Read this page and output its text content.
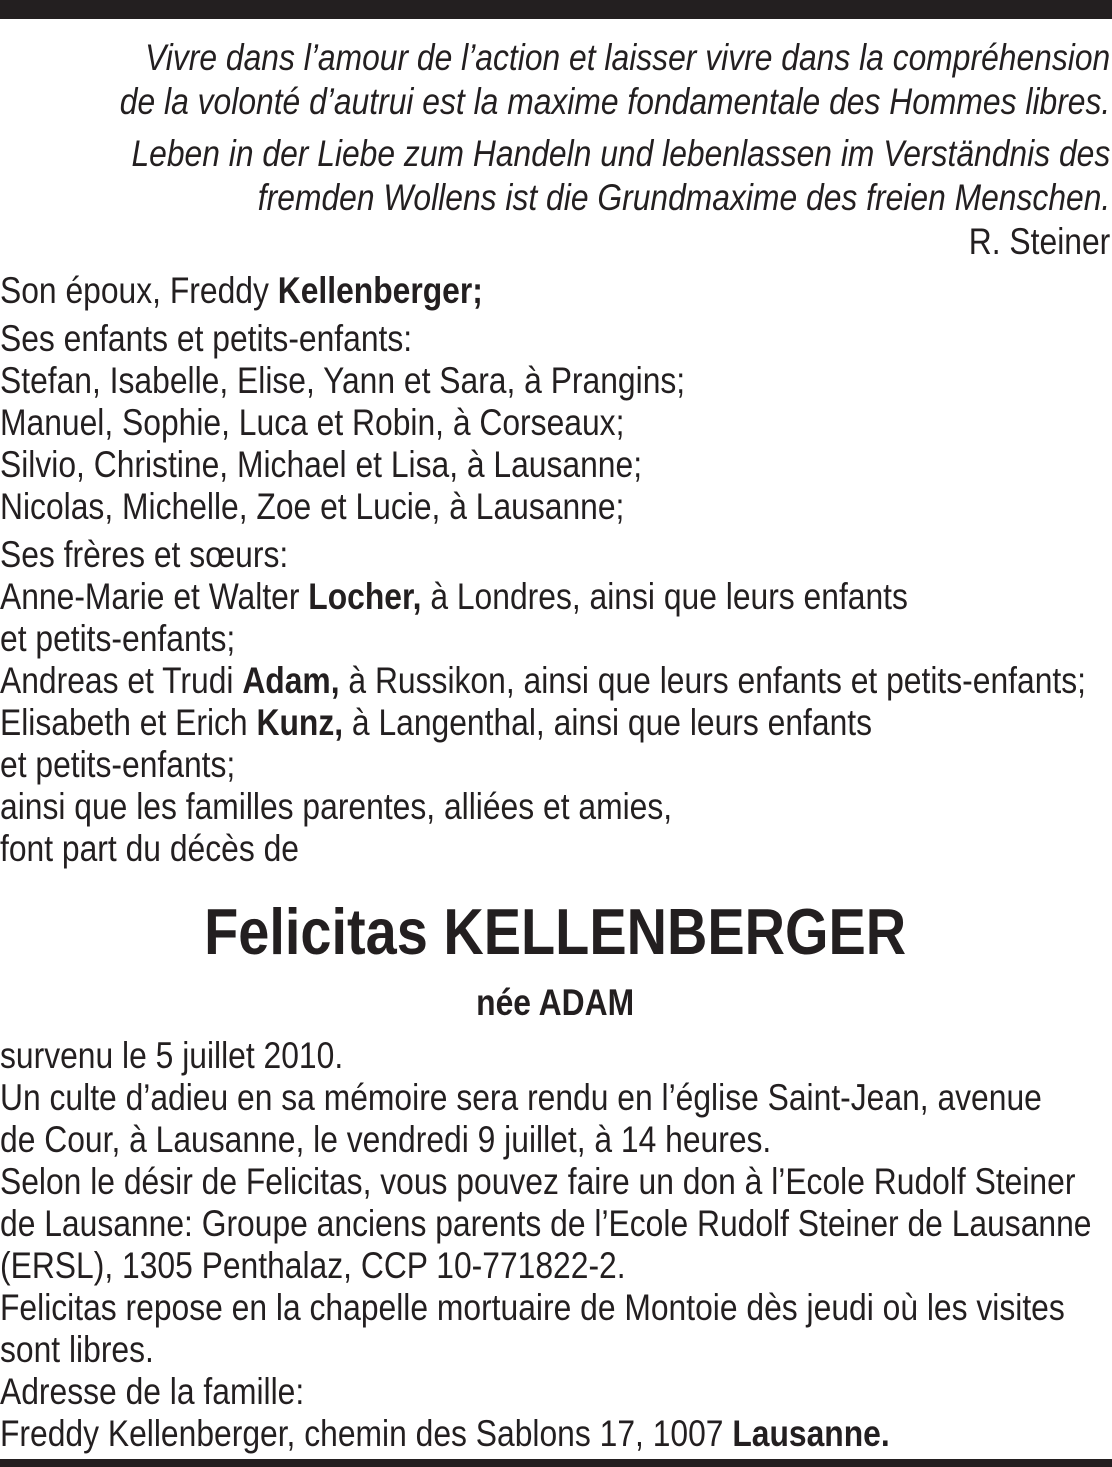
Vivre dans l’amour de l’action et laisser vivre dans la compréhension
de la volonté d’autrui est la maxime fondamentale des Hommes libres.
Leben in der Liebe zum Handeln und lebenlassen im Verständnis des
fremden Wollens ist die Grundmaxime des freien Menschen.
R. Steiner
Son époux, Freddy Kellenberger;
Ses enfants et petits-enfants:
Stefan, Isabelle, Elise, Yann et Sara, à Prangins;
Manuel, Sophie, Luca et Robin, à Corseaux;
Silvio, Christine, Michael et Lisa, à Lausanne;
Nicolas, Michelle, Zoe et Lucie, à Lausanne;
Ses frères et sœurs:
Anne-Marie et Walter Locher, à Londres, ainsi que leurs enfants
et petits-enfants;
Andreas et Trudi Adam, à Russikon, ainsi que leurs enfants et petits-enfants;
Elisabeth et Erich Kunz, à Langenthal, ainsi que leurs enfants
et petits-enfants;
ainsi que les familles parentes, alliées et amies,
font part du décès de
Felicitas KELLENBERGER
née ADAM
survenu le 5 juillet 2010.
Un culte d’adieu en sa mémoire sera rendu en l’église Saint-Jean, avenue
de Cour, à Lausanne, le vendredi 9 juillet, à 14 heures.
Selon le désir de Felicitas, vous pouvez faire un don à l’Ecole Rudolf Steiner
de Lausanne: Groupe anciens parents de l’Ecole Rudolf Steiner de Lausanne
(ERSL), 1305 Penthalaz, CCP 10-771822-2.
Felicitas repose en la chapelle mortuaire de Montoie dès jeudi où les visites
sont libres.
Adresse de la famille:
Freddy Kellenberger, chemin des Sablons 17, 1007 Lausanne.
